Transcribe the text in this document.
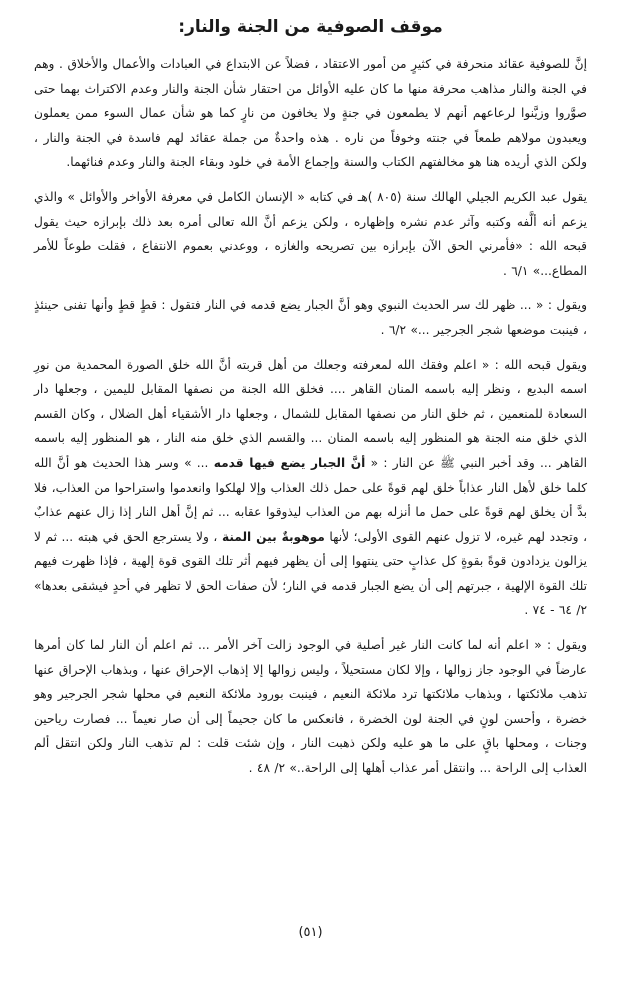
موقف الصوفية من الجنة والنار:

إنَّ للصوفية عقائد منحرفة في كثيرٍ من أمور الاعتقاد ، فضلاً عن الابتداع في العبادات والأعمال والأخلاق . وهم في الجنة والنار مذاهب محرفة منها ما كان عليه الأوائل من احتقار شأن الجنة والنار وعدم الاكتراث بهما حتى صوَّروا وزيَّنوا لرعاعهم أنهم لا يطمعون في جنةٍ ولا يخافون من نارٍ كما هو شأن عمال السوء ممن يعملون ويعبدون مولاهم طمعاً في جنته وخوفاً من ناره . هذه واحدةٌ من جملة عقائد لهم فاسدة في الجنة والنار ، ولكن الذي أريده هنا هو مخالفتهم الكتاب والسنة وإجماع الأمة في خلود وبقاء الجنة والنار وعدم فنائهما.

يقول عبد الكريم الجيلي الهالك سنة (٨٠٥ )هـ في كتابه « الإنسان الكامل في معرفة الأواخر والأوائل » والذي يزعم أنه ألَّفه وكتبه وآثر عدم نشره وإظهاره ، ولكن يزعم أنَّ الله تعالى أمره بعد ذلك بإبرازه حيث يقول قبحه الله : «فأمرني الحق الآن بإبرازه بين تصريحه والغازه ، ووعدني بعموم الانتفاع ، فقلت طوعاً للأمر المطاع...» ٦/١ .

ويقول : « ... ظهر لك سر الحديث النبوي وهو أنَّ الجبار يضع قدمه في النار فتقول : قطٍ قطٍ وأنها تفنى حينئذٍ ، فينبت موضعها شجر الجرجير ...» ٦/٢ .

ويقول قبحه الله : « اعلم وفقك الله لمعرفته وجعلك من أهل قربته أنَّ الله خلق الصورة المحمدية من نورِ اسمه البديع ، ونظر إليه باسمه المنان القاهر .... فخلق الله الجنة من نصفها المقابل لليمين ، وجعلها دار السعادة للمنعمين ، ثم خلق النار من نصفها المقابل للشمال ، وجعلها دار الأشقياء أهل الضلال ، وكان القسم الذي خلق منه الجنة هو المنظور إليه باسمه المنان ... والقسم الذي خلق منه النار ، هو المنظور إليه باسمه القاهر ... وقد أخبر النبي ﷺ عن النار : « أنَّ الجبار يضع فيها قدمه ... » وسر هذا الحديث هو أنَّ الله كلما خلق لأهل النار عذاباً خلق لهم قوةً على حمل ذلك العذاب وإلا لهلكوا وانعدموا واستراحوا من العذاب، فلا بدَّ أن يخلق لهم قوةً على حمل ما أنزله بهم من العذاب ليذوقوا عقابه ... ثم إنَّ أهل النار إذا زال عنهم عذابٌ ، وتجدد لهم غيره، لا تزول عنهم القوى الأولى؛ لأنها موهوبةٌ بين المنة ، ولا يسترجع الحق في هبته ... ثم لا يزالون يزدادون قوةً بقوةٍ كل عذابٍ حتى ينتهوا إلى أن يظهر فيهم أثر تلك القوى قوة إلهية ، فإذا ظهرت فيهم تلك القوة الإلهية ، جبرتهم إلى أن يضع الجبار قدمه في النار؛ لأن صفات الحق لا تظهر في أحدٍ فيشقى بعدها» ٢/ ٦٤ - ٧٤ .

ويقول : « اعلم أنه لما كانت النار غير أصلية في الوجود زالت آخر الأمر ... ثم اعلم أن النار لما كان أمرها عارضاً في الوجود جاز زوالها ، وإلا لكان مستحيلاً ، وليس زوالها إلا إذهاب الإحراق عنها ، وبذهاب الإحراق عنها تذهب ملائكتها ، وبذهاب ملائكتها ترد ملائكة النعيم ، فينبت بورود ملائكة النعيم في محلها شجر الجرجير وهو خضرة ، وأحسن لونٍ في الجنة لون الخضرة ، فانعكس ما كان جحيماً إلى أن صار نعيماً ... فصارت رياحين وجنات ، ومحلها باقٍ على ما هو عليه ولكن ذهبت النار ، وإن شئت قلت : لم تذهب النار ولكن انتقل ألم العذاب إلى الراحة ... وانتقل أمر عذاب أهلها إلى الراحة..» ٢/ ٤٨ .

(٥١)
